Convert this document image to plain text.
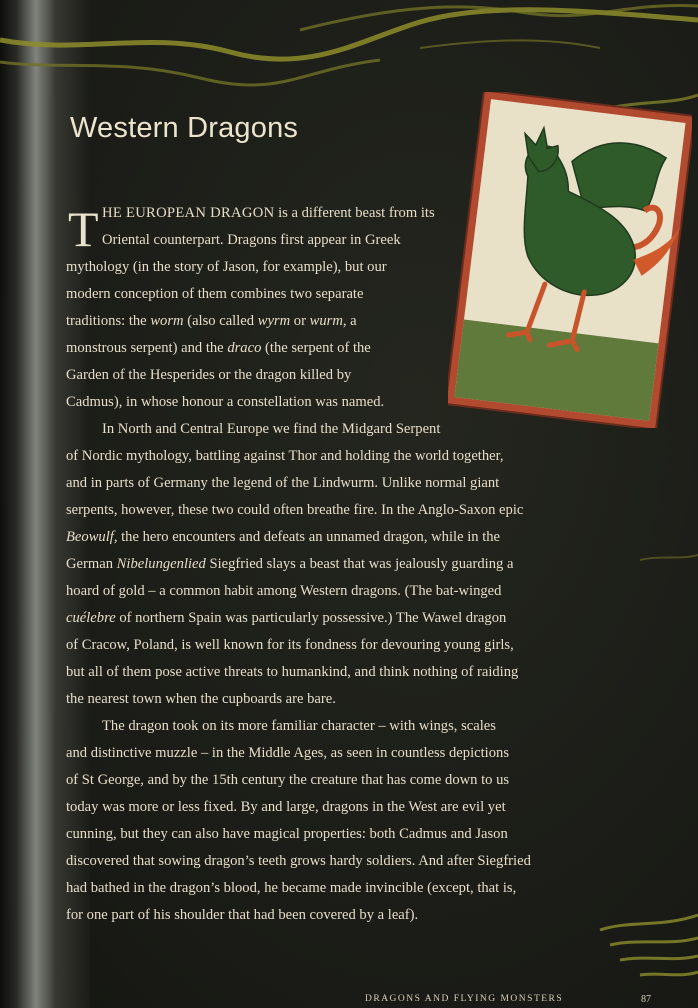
Western Dragons
T HE EUROPEAN DRAGON is a different beast from its
Oriental counterpart. Dragons first appear in Greek
mythology (in the story of Jason, for example), but our
modern conception of them combines two separate
traditions: the worm (also called wyrm or wurm, a
monstrous serpent) and the draco (the serpent of the
Garden of the Hesperides or the dragon killed by
Cadmus), in whose honour a constellation was named.
In North and Central Europe we find the Midgard Serpent
of Nordic mythology, battling against Thor and holding the world together,
and in parts of Germany the legend of the Lindwurm. Unlike normal giant
serpents, however, these two could often breathe fire. In the Anglo-Saxon epic
Beowulf, the hero encounters and defeats an unnamed dragon, while in the
German Nibelungenlied Siegfried slays a beast that was jealously guarding a
hoard of gold – a common habit among Western dragons. (The bat-winged
cuélebre of northern Spain was particularly possessive.) The Wawel dragon
of Cracow, Poland, is well known for its fondness for devouring young girls,
but all of them pose active threats to humankind, and think nothing of raiding
the nearest town when the cupboards are bare.
The dragon took on its more familiar character – with wings, scales
and distinctive muzzle – in the Middle Ages, as seen in countless depictions
of St George, and by the 15th century the creature that has come down to us
today was more or less fixed. By and large, dragons in the West are evil yet
cunning, but they can also have magical properties: both Cadmus and Jason
discovered that sowing dragon’s teeth grows hardy soldiers. And after Siegfried
had bathed in the dragon’s blood, he became made invincible (except, that is,
for one part of his shoulder that had been covered by a leaf).
DRAGONS AND FLYING MONSTERS	87
